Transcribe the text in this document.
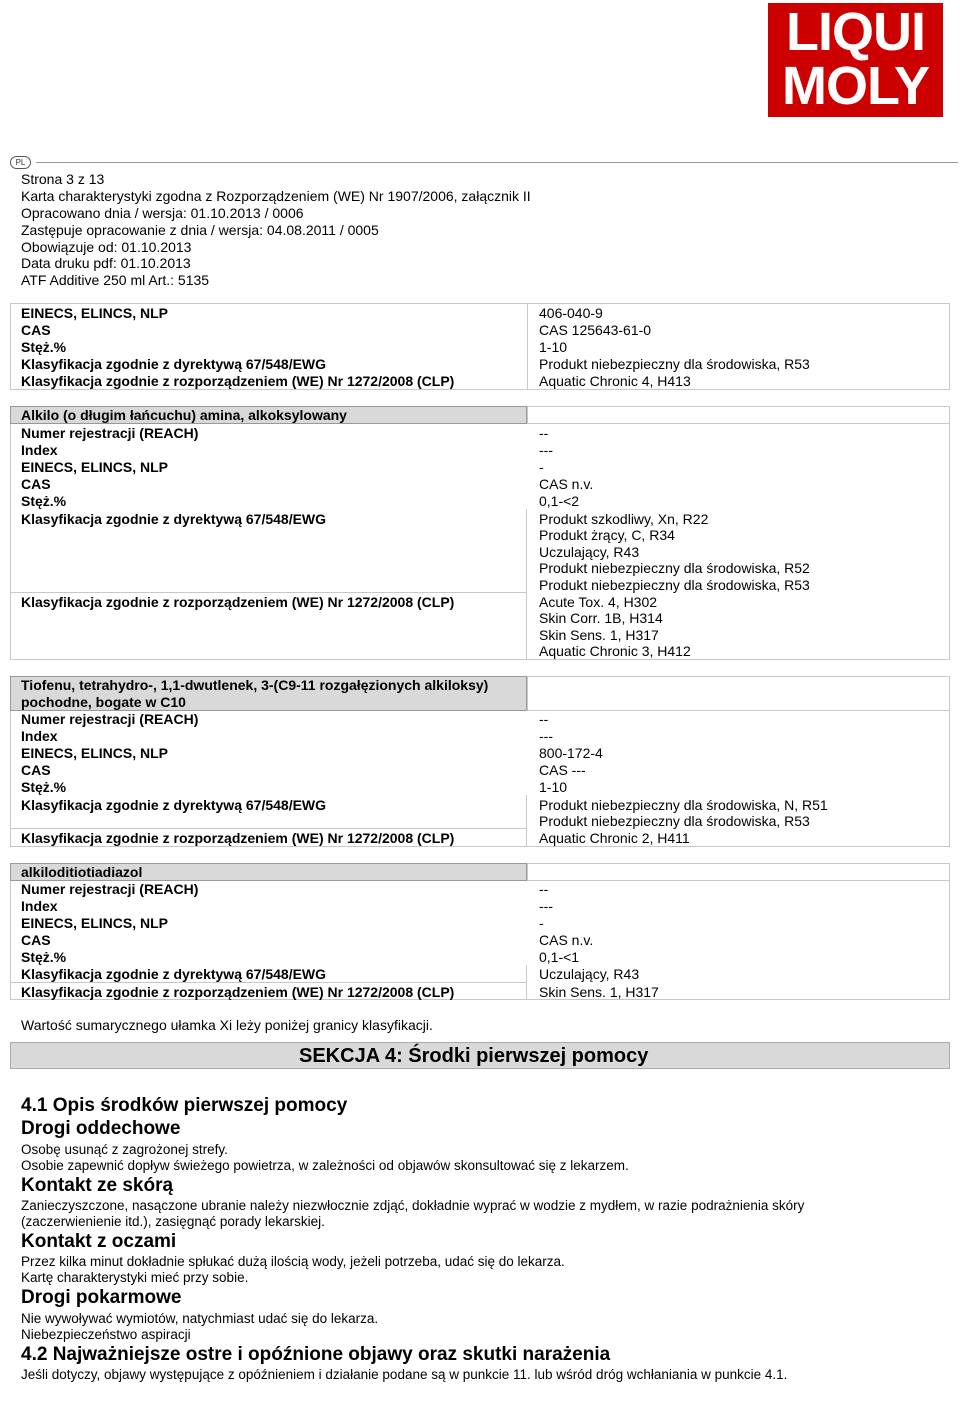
LIQUI
MOLY
PL
Strona 3 z 13
Karta charakterystyki zgodna z Rozporządzeniem (WE) Nr 1907/2006, załącznik II
Opracowano dnia / wersja: 01.10.2013 / 0006
Zastępuje opracowanie z dnia / wersja: 04.08.2011 / 0005
Obowiązuje od: 01.10.2013
Data druku pdf: 01.10.2013
ATF Additive 250 ml Art.: 5135
EINECS, ELINCS, NLP	406-040-9
CAS	CAS 125643-61-0
Stęż.%	1-10
Klasyfikacja zgodnie z dyrektywą 67/548/EWG	Produkt niebezpieczny dla środowiska, R53
Klasyfikacja zgodnie z rozporządzeniem (WE) Nr 1272/2008 (CLP)	Aquatic Chronic 4, H413
Alkilo (o długim łańcuchu) amina, alkoksylowany
Numer rejestracji (REACH)	--
Index	---
EINECS, ELINCS, NLP	-
CAS	CAS n.v.
Stęż.%	0,1-<2
Klasyfikacja zgodnie z dyrektywą 67/548/EWG	Produkt szkodliwy, Xn, R22
Produkt żrący, C, R34
Uczulający, R43
Produkt niebezpieczny dla środowiska, R52
Produkt niebezpieczny dla środowiska, R53
Klasyfikacja zgodnie z rozporządzeniem (WE) Nr 1272/2008 (CLP)	Acute Tox. 4, H302
Skin Corr. 1B, H314
Skin Sens. 1, H317
Aquatic Chronic 3, H412
Tiofenu, tetrahydro-, 1,1-dwutlenek, 3-(C9-11 rozgałęzionych alkiloksy)
pochodne, bogate w C10
Numer rejestracji (REACH)	--
Index	---
EINECS, ELINCS, NLP	800-172-4
CAS	CAS ---
Stęż.%	1-10
Klasyfikacja zgodnie z dyrektywą 67/548/EWG	Produkt niebezpieczny dla środowiska, N, R51
Produkt niebezpieczny dla środowiska, R53
Klasyfikacja zgodnie z rozporządzeniem (WE) Nr 1272/2008 (CLP)	Aquatic Chronic 2, H411
alkiloditiotiadiazol
Numer rejestracji (REACH)	--
Index	---
EINECS, ELINCS, NLP	-
CAS	CAS n.v.
Stęż.%	0,1-<1
Klasyfikacja zgodnie z dyrektywą 67/548/EWG	Uczulający, R43
Klasyfikacja zgodnie z rozporządzeniem (WE) Nr 1272/2008 (CLP)	Skin Sens. 1, H317
Wartość sumarycznego ułamka Xi leży poniżej granicy klasyfikacji.
SEKCJA 4: Środki pierwszej pomocy
4.1 Opis środków pierwszej pomocy
Drogi oddechowe
Osobę usunąć z zagrożonej strefy.
Osobie zapewnić dopływ świeżego powietrza, w zależności od objawów skonsultować się z lekarzem.
Kontakt ze skórą
Zanieczyszczone, nasączone ubranie należy niezwłocznie zdjąć, dokładnie wyprać w wodzie z mydłem, w razie podrażnienia skóry
(zaczerwienienie itd.), zasięgnąć porady lekarskiej.
Kontakt z oczami
Przez kilka minut dokładnie spłukać dużą ilością wody, jeżeli potrzeba, udać się do lekarza.
Kartę charakterystyki mieć przy sobie.
Drogi pokarmowe
Nie wywoływać wymiotów, natychmiast udać się do lekarza.
Niebezpieczeństwo aspiracji
4.2 Najważniejsze ostre i opóźnione objawy oraz skutki narażenia
Jeśli dotyczy, objawy występujące z opóźnieniem i działanie podane są w punkcie 11. lub wśród dróg wchłaniania w punkcie 4.1.
